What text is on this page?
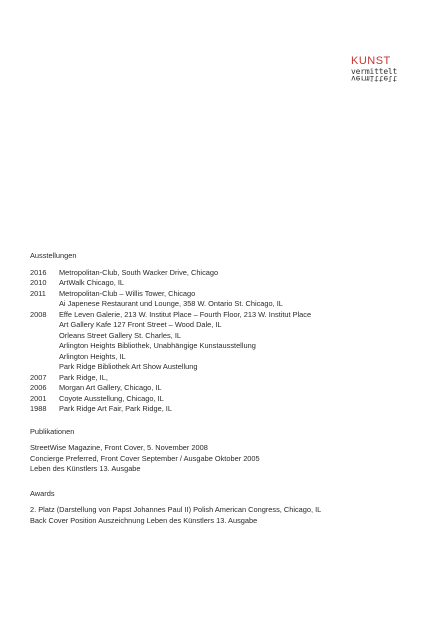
KUNST
vermittelt
vermittelt
Ausstellungen
2016	Metropolitan-Club, South Wacker Drive, Chicago
2010	ArtWalk Chicago, IL
2011	Metropolitan-Club – Willis Tower, Chicago
Ai Japenese Restaurant und Lounge, 358 W. Ontario St. Chicago, IL
2008	Effe Leven Galerie, 213 W. Institut Place – Fourth Floor, 213 W. Institut Place
Art Gallery Kafe 127 Front Street – Wood Dale, IL
Orleans Street Gallery St. Charles, IL
Arlington Heights Bibliothek, Unabhängige Kunstausstellung
Arlington Heights, IL
Park Ridge Bibliothek Art Show Austellung
2007	Park Ridge, IL,
2006	Morgan Art Gallery, Chicago, IL
2001	Coyote Ausstellung, Chicago, IL
1988	Park Ridge Art Fair, Park Ridge, IL
Publikationen
StreetWise Magazine, Front Cover, 5. November 2008
Concierge Preferred, Front Cover September / Ausgabe Oktober 2005
Leben des Künstlers 13. Ausgabe
Awards
2. Platz (Darstellung von Papst Johannes Paul II) Polish American Congress, Chicago, IL
Back Cover Position Auszeichnung Leben des Künstlers 13. Ausgabe
